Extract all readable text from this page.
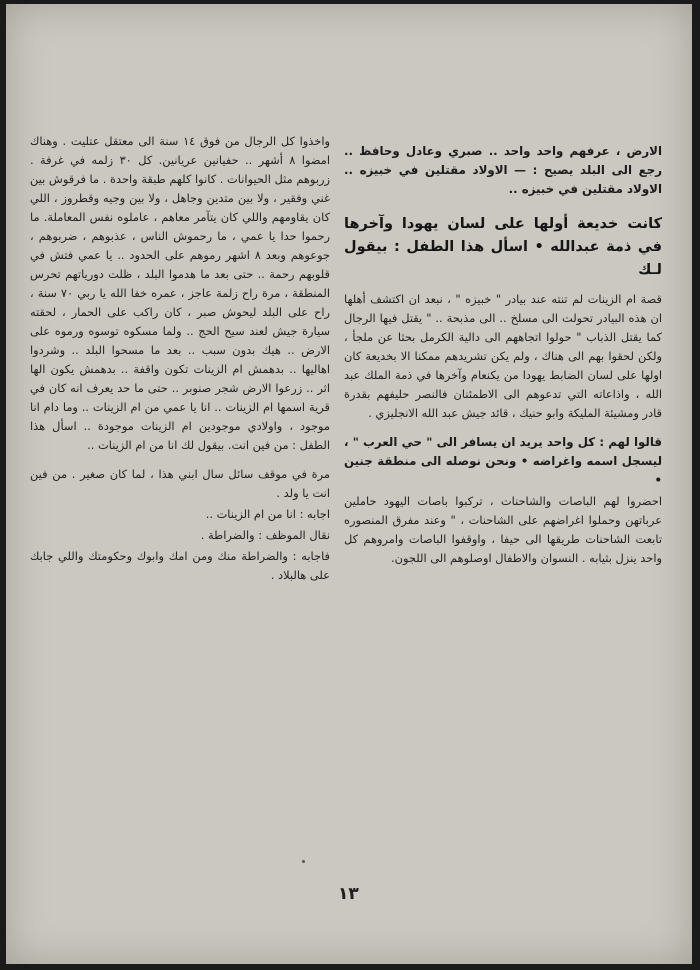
الارض ، عرفهم واحد واحد .. صبري وعادل وحافظ .. رجع الى البلد يصيح : — الاولاد مقتلين في خبيزه .. الاولاد مقتلين في خبيزه ..

كانت خديعة أولها على لسان يهودا وآخرها في ذمة عبدالله • اسأل هذا الطفل : بيقول لـك

قصة ام الزينات لم تنته عند بيادر " خبيزه " ، نبعد ان اكتشف أهلها ان هذه البيادر تحولت الى مسلخ .. الى مذبحة .. " يقتل فيها الرجال كما يقتل الذباب " حولوا اتجاههم الى دالية الكرمل بحثا عن ملجأ ، ولكن لحقوا بهم الى هناك ، ولم يكن تشريدهم ممكنا الا بخديعة كان اولها على لسان الضابط يهودا من يكنعام وآخرها في ذمة الملك عبد الله ، واذاعاته التي تدعوهم الى الاطمئنان فالنصر حليفهم بقدرة قادر ومشيئة المليكة وابو حنيك ، قائد جيش عبد الله الانجليزي .

قالوا لهم : كل واحد يريد ان يسافر الى " حي العرب " ، ليسجل اسمه واغراضه • ونحن نوصله الى منطقة جنين •

احضروا لهم الباصات والشاحنات ، تركبوا باصات اليهود حاملين عرباتهن وحملوا اغراضهم على الشاحنات ، " وعند مفرق المنصوره تابعت الشاحنات طريقها الى حيفا ، واوقفوا الباصات وامروهم كل واحد ينزل بثيابه . النسوان والاطفال اوصلوهم الى اللجون.

واخذوا كل الرجال من فوق ١٤ سنة الى معتقل عتليت . وهناك امضوا ٨ أشهر .. حفيانين عريانين. كل ٣٠ زلمه في غرفة . زربوهم مثل الحيوانات . كانوا كلهم طبقة واحدة . ما فرقوش بين غني وفقير ، ولا بين متدين وجاهل ، ولا بين وجيه وقطروز ، اللي كان يقاومهم واللي كان يتآمر معاهم ، عاملوه نفس المعاملة. ما رحموا حدا يا عمي ، ما رحموش الناس ، عذبوهم ، ضربوهم ، جوعوهم وبعد ٨ اشهر رموهم على الحدود .. يا عمي فتش في قلوبهم رحمة .. حتى بعد ما هدموا البلد ، ظلت دورياتهم تحرس المنطقة ، مرة راح زلمة عاجز ، عمره خفا الله يا ربي ٧٠ سنة ، راح على البلد ليحوش صبر ، كان راكب على الحمار ، لحقته سيارة جيش لعند سيح الحج .. ولما مسكوه توسوه ورموه على الارض .. هيك بدون سبب .. بعد ما مسحوا البلد .. وشردوا اهاليها .. بدهمش ام الزينات تكون واقفة .. بدهمش يكون الها اثر .. زرعوا الارض شجر صنوبر .. حتى ما حد يعرف انه كان في قرية اسمها ام الزينات .. انا يا عمي من ام الزينات .. وما دام انا موجود ، واولادي موجودين ام الزينات موجودة .. اسأل هذا الطفل : من فين انت. بيقول لك انا من ام الزينات ..

مرة في موقف سائل سال ابني هذا ، لما كان صغير . من فين انت يا ولد .

اجابه : انا من ام الزينات ..

نقال الموظف : والضراطة .

فاجابه : والضراطة منك ومن امك وابوك وحكومتك واللي جابك على هالبلاد .

١٣
